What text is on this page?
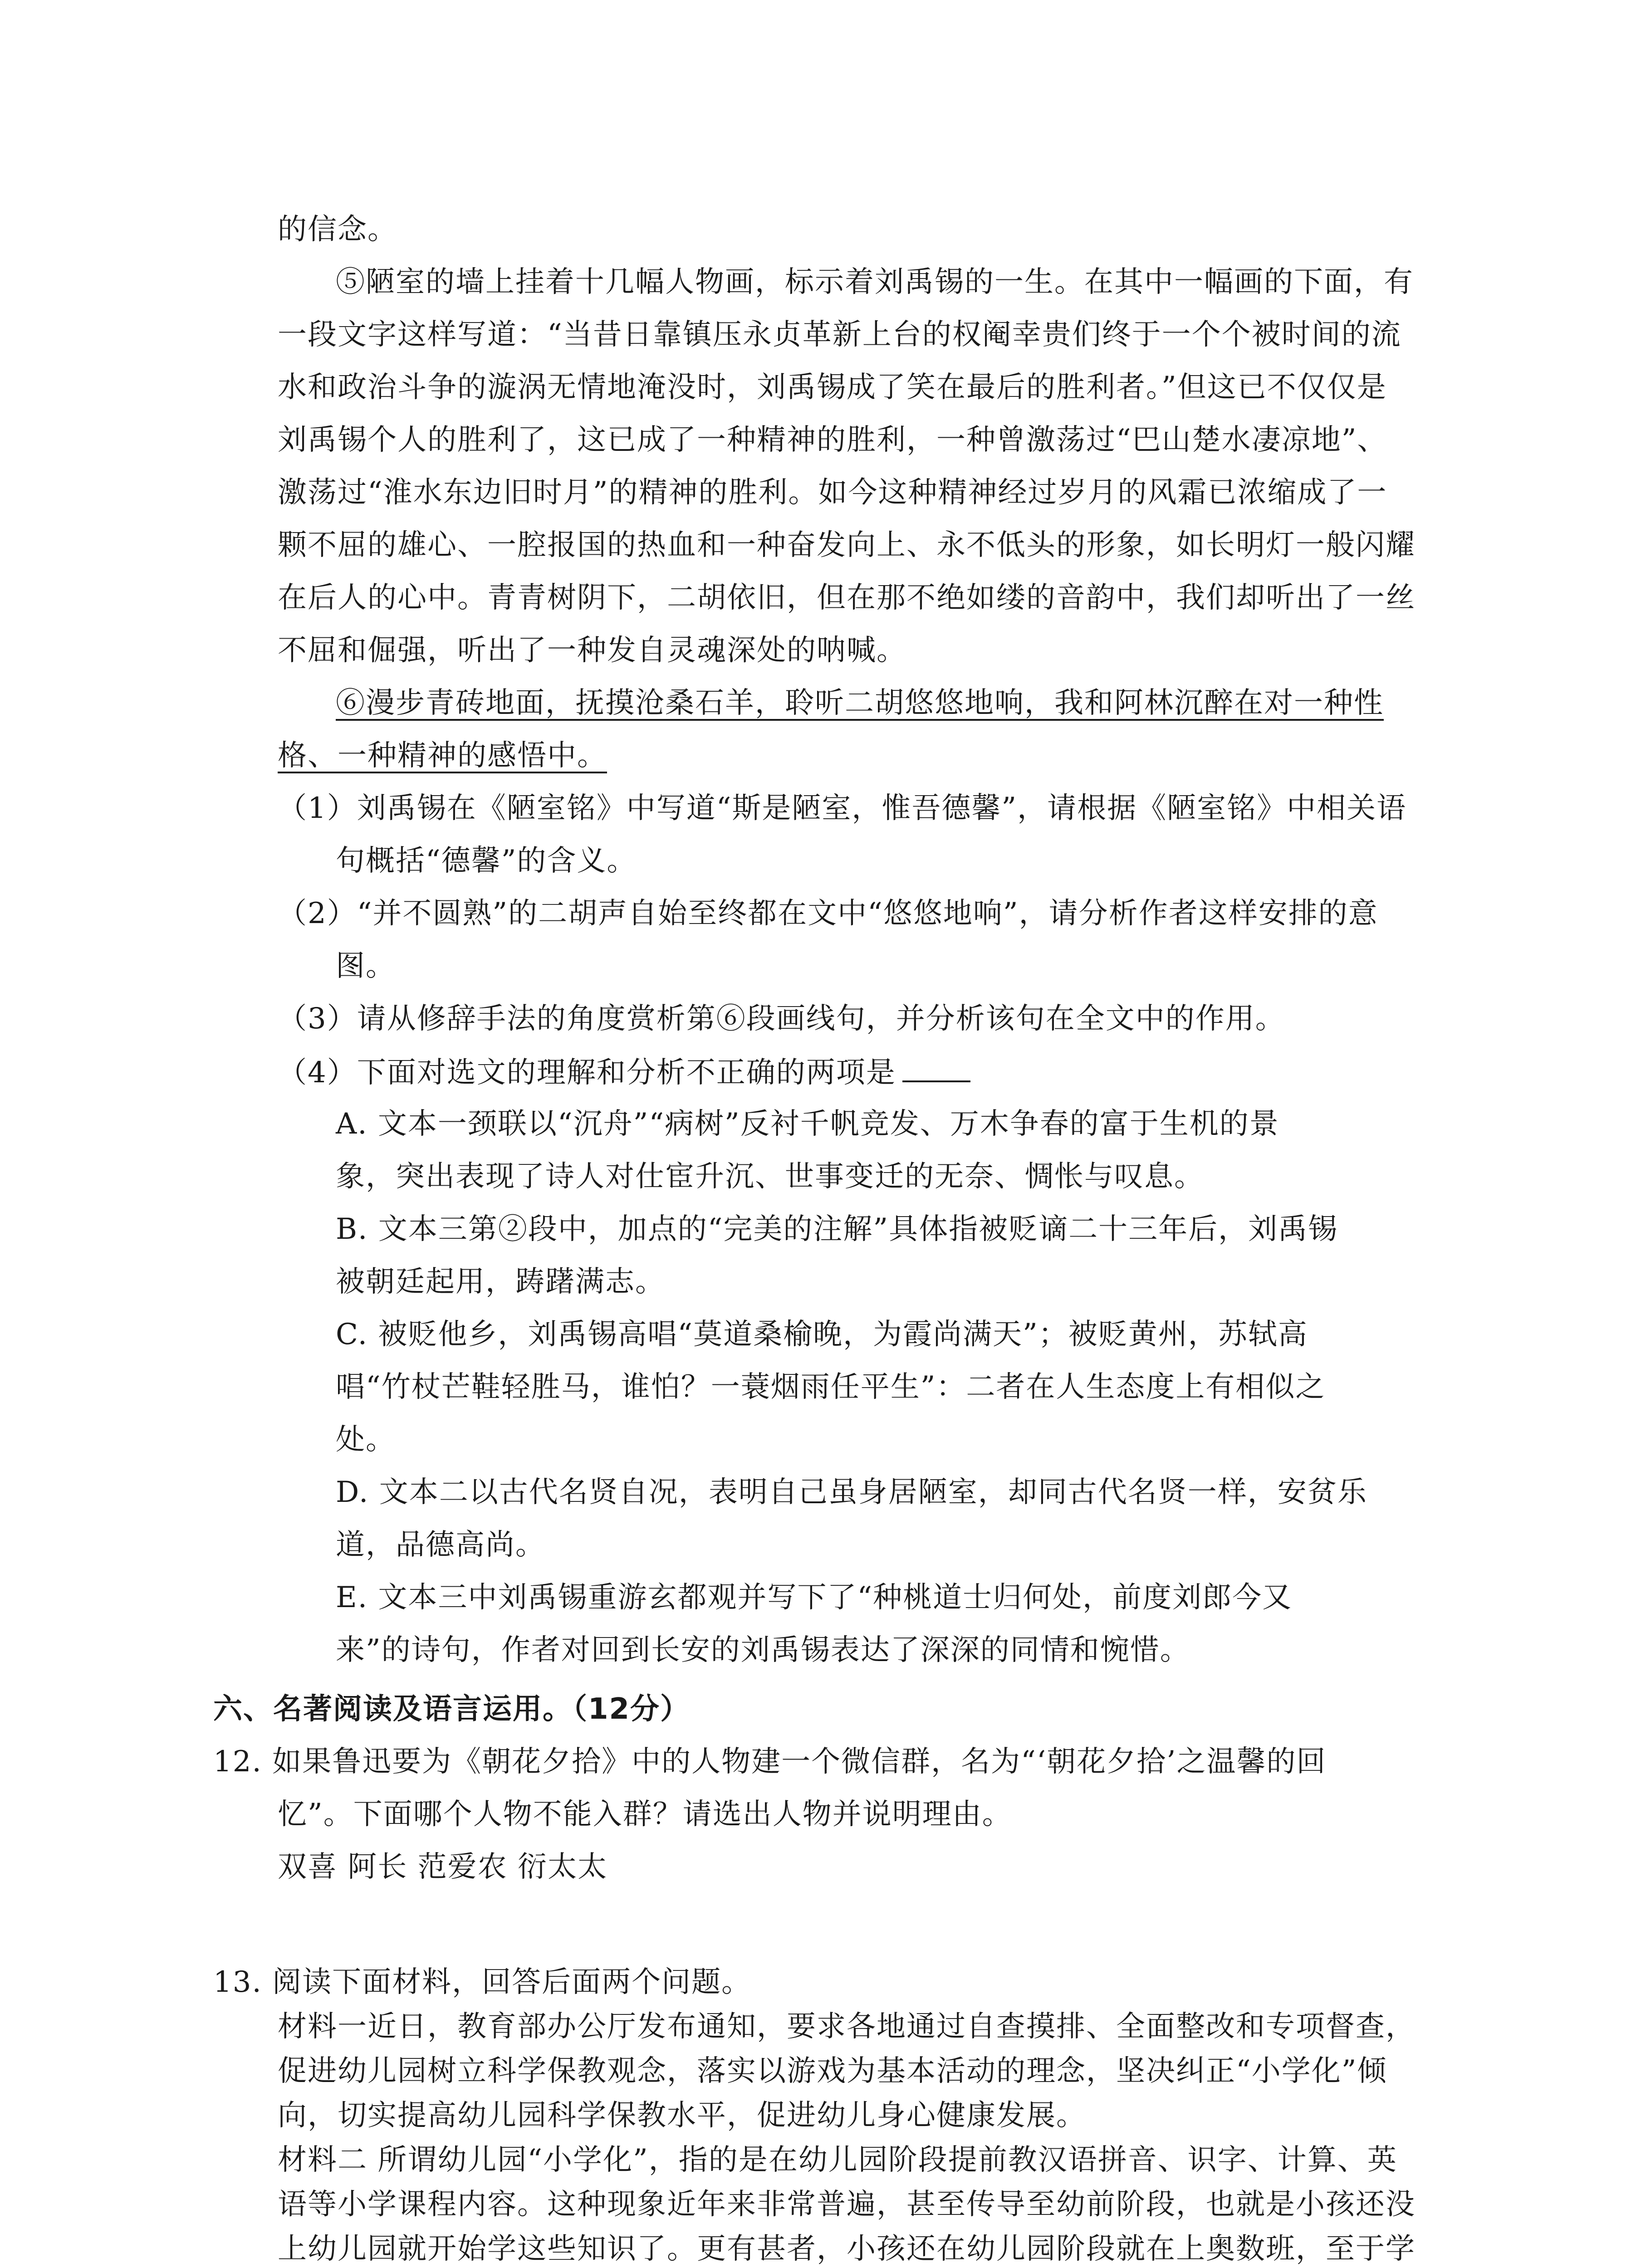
的信念。
⑤陋室的墙上挂着十几幅人物画，标示着刘禹锡的一生。在其中一幅画的下面，有
一段文字这样写道：“当昔日靠镇压永贞革新上台的权阉幸贵们终于一个个被时间的流
水和政治斗争的漩涡无情地淹没时，刘禹锡成了笑在最后的胜利者。”但这已不仅仅是
刘禹锡个人的胜利了，这已成了一种精神的胜利，一种曾激荡过“巴山楚水凄凉地”、
激荡过“淮水东边旧时月”的精神的胜利。如今这种精神经过岁月的风霜已浓缩成了一
颗不屈的雄心、一腔报国的热血和一种奋发向上、永不低头的形象，如长明灯一般闪耀
在后人的心中。青青树阴下，二胡依旧，但在那不绝如缕的音韵中，我们却听出了一丝
不屈和倔强，听出了一种发自灵魂深处的呐喊。
⑥漫步青砖地面，抚摸沧桑石羊，聆听二胡悠悠地响，我和阿林沉醉在对一种性
格、一种精神的感悟中。
（1）刘禹锡在《陋室铭》中写道“斯是陋室，惟吾德馨”，请根据《陋室铭》中相关语
句概括“德馨”的含义。
（2）“并不圆熟”的二胡声自始至终都在文中“悠悠地响”，请分析作者这样安排的意
图。
（3）请从修辞手法的角度赏析第⑥段画线句，并分析该句在全文中的作用。
（4）下面对选文的理解和分析不正确的两项是
A. 文本一颈联以“沉舟”“病树”反衬千帆竞发、万木争春的富于生机的景
象，突出表现了诗人对仕宦升沉、世事变迁的无奈、惆怅与叹息。
B. 文本三第②段中，加点的“完美的注解”具体指被贬谪二十三年后，刘禹锡
被朝廷起用，踌躇满志。
C. 被贬他乡，刘禹锡高唱“莫道桑榆晚，为霞尚满天”；被贬黄州，苏轼高
唱“竹杖芒鞋轻胜马，谁怕？一蓑烟雨任平生”：二者在人生态度上有相似之
处。
D. 文本二以古代名贤自况，表明自己虽身居陋室，却同古代名贤一样，安贫乐
道，品德高尚。
E. 文本三中刘禹锡重游玄都观并写下了“种桃道士归何处，前度刘郎今又
来”的诗句，作者对回到长安的刘禹锡表达了深深的同情和惋惜。
六、名著阅读及语言运用。（12分）
12. 如果鲁迅要为《朝花夕拾》中的人物建一个微信群，名为“‘朝花夕拾’之温馨的回
忆”。下面哪个人物不能入群？请选出人物并说明理由。
双喜 阿长 范爱农 衍太太
13. 阅读下面材料，回答后面两个问题。
材料一近日，教育部办公厅发布通知，要求各地通过自查摸排、全面整改和专项督查，
促进幼儿园树立科学保教观念，落实以游戏为基本活动的理念，坚决纠正“小学化”倾
向，切实提高幼儿园科学保教水平，促进幼儿身心健康发展。
材料二 所谓幼儿园“小学化”，指的是在幼儿园阶段提前教汉语拼音、识字、计算、英
语等小学课程内容。这种现象近年来非常普遍，甚至传导至幼前阶段，也就是小孩还没
上幼儿园就开始学这些知识了。更有甚者，小孩还在幼儿园阶段就在上奥数班，至于学
